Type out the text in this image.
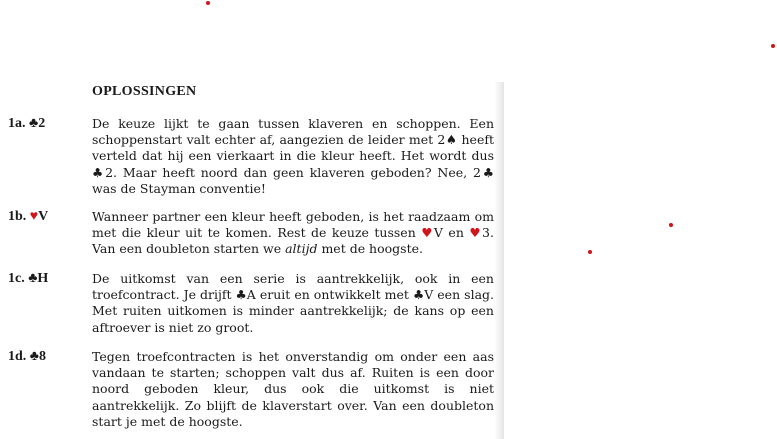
OPLOSSINGEN
1a. ♣2	De keuze lijkt te gaan tussen klaveren en schoppen. Een schoppenstart valt echter af, aangezien de leider met 2♠ heeft verteld dat hij een vierkaart in die kleur heeft. Het wordt dus ♣2. Maar heeft noord dan geen klaveren geboden? Nee, 2♣ was de Stayman conventie!

1b. ♥V	Wanneer partner een kleur heeft geboden, is het raadzaam om met die kleur uit te komen. Rest de keuze tussen ♥V en ♥3. Van een doubleton starten we altijd met de hoogste.

1c. ♣H	De uitkomst van een serie is aantrekkelijk, ook in een troefcontract. Je drijft ♣A eruit en ontwikkelt met ♣V een slag. Met ruiten uitkomen is minder aantrekkelijk; de kans op een aftroever is niet zo groot.

1d. ♣8	Tegen troefcontracten is het onverstandig om onder een aas vandaan te starten; schoppen valt dus af. Ruiten is een door noord geboden kleur, dus ook die uitkomst is niet aantrekkelijk. Zo blijft de klaverstart over. Van een doubleton start je met de hoogste.
